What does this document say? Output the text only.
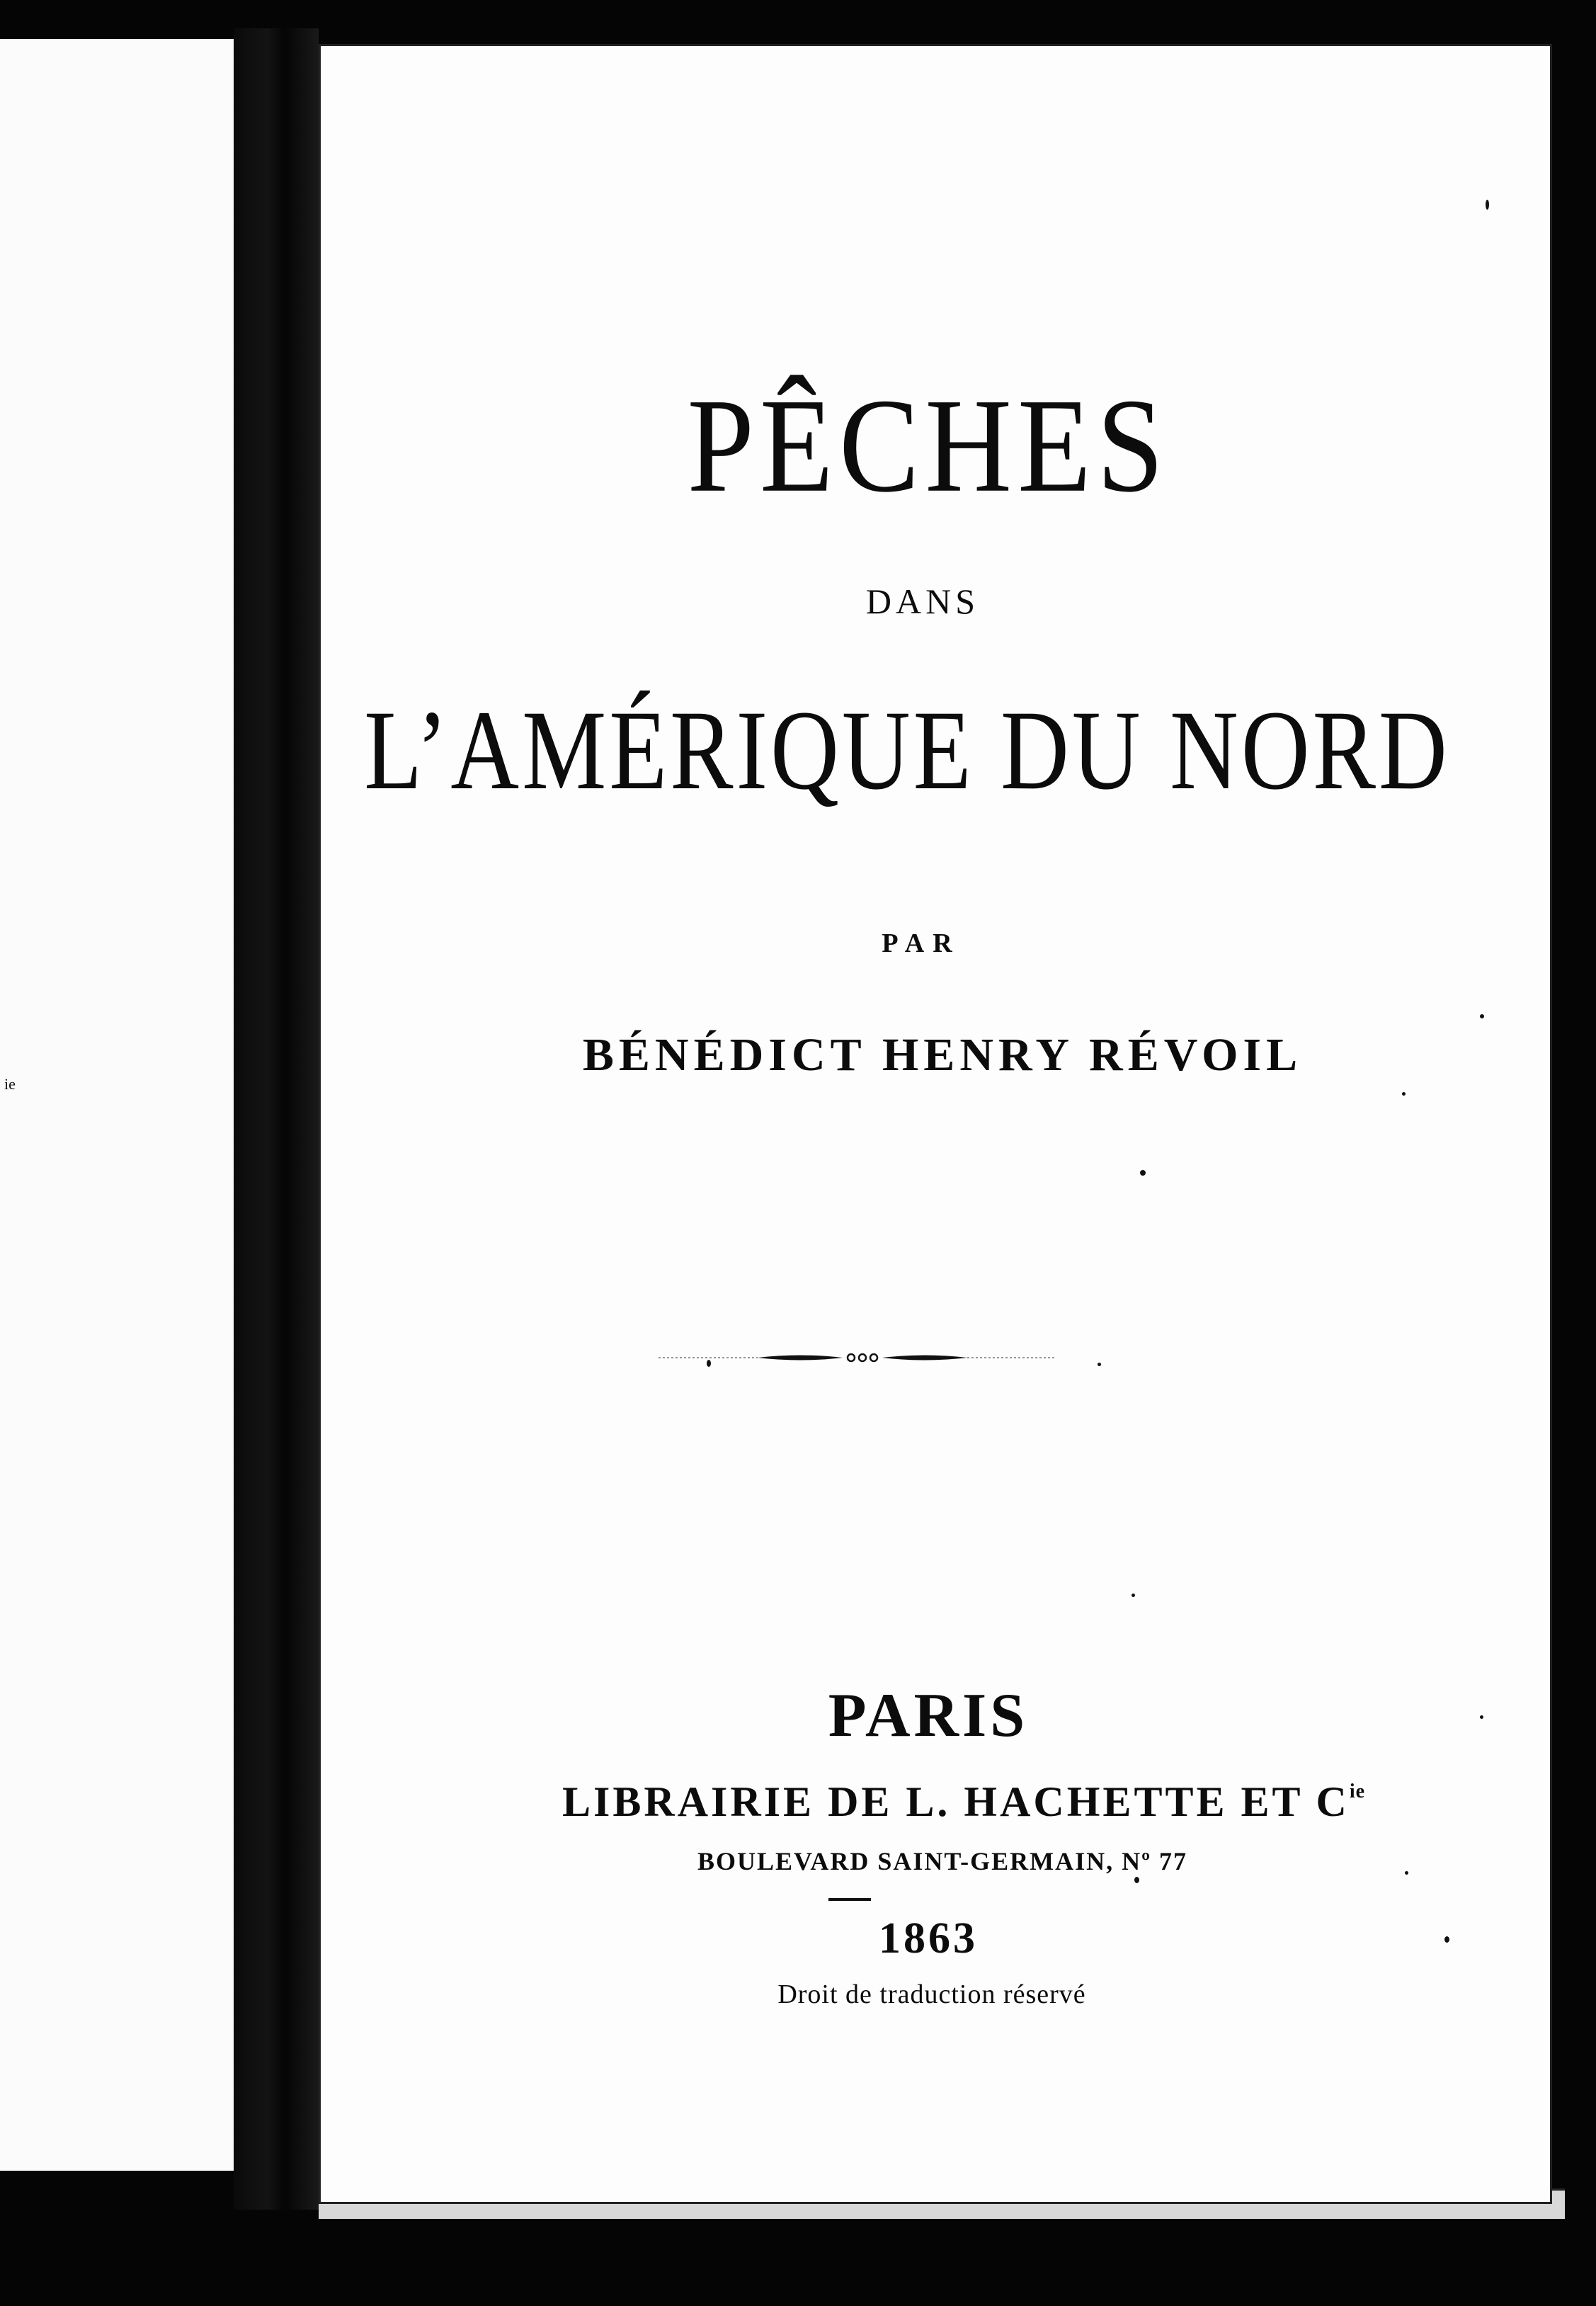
ie
PÊCHES
DANS
L’AMÉRIQUE DU NORD
PAR
BÉNÉDICT HENRY RÉVOIL
PARIS
LIBRAIRIE DE L. HACHETTE ET $C^{ie}$
BOULEVARD SAINT-GERMAIN, Nº 77
1863
Droit de traduction réservé
